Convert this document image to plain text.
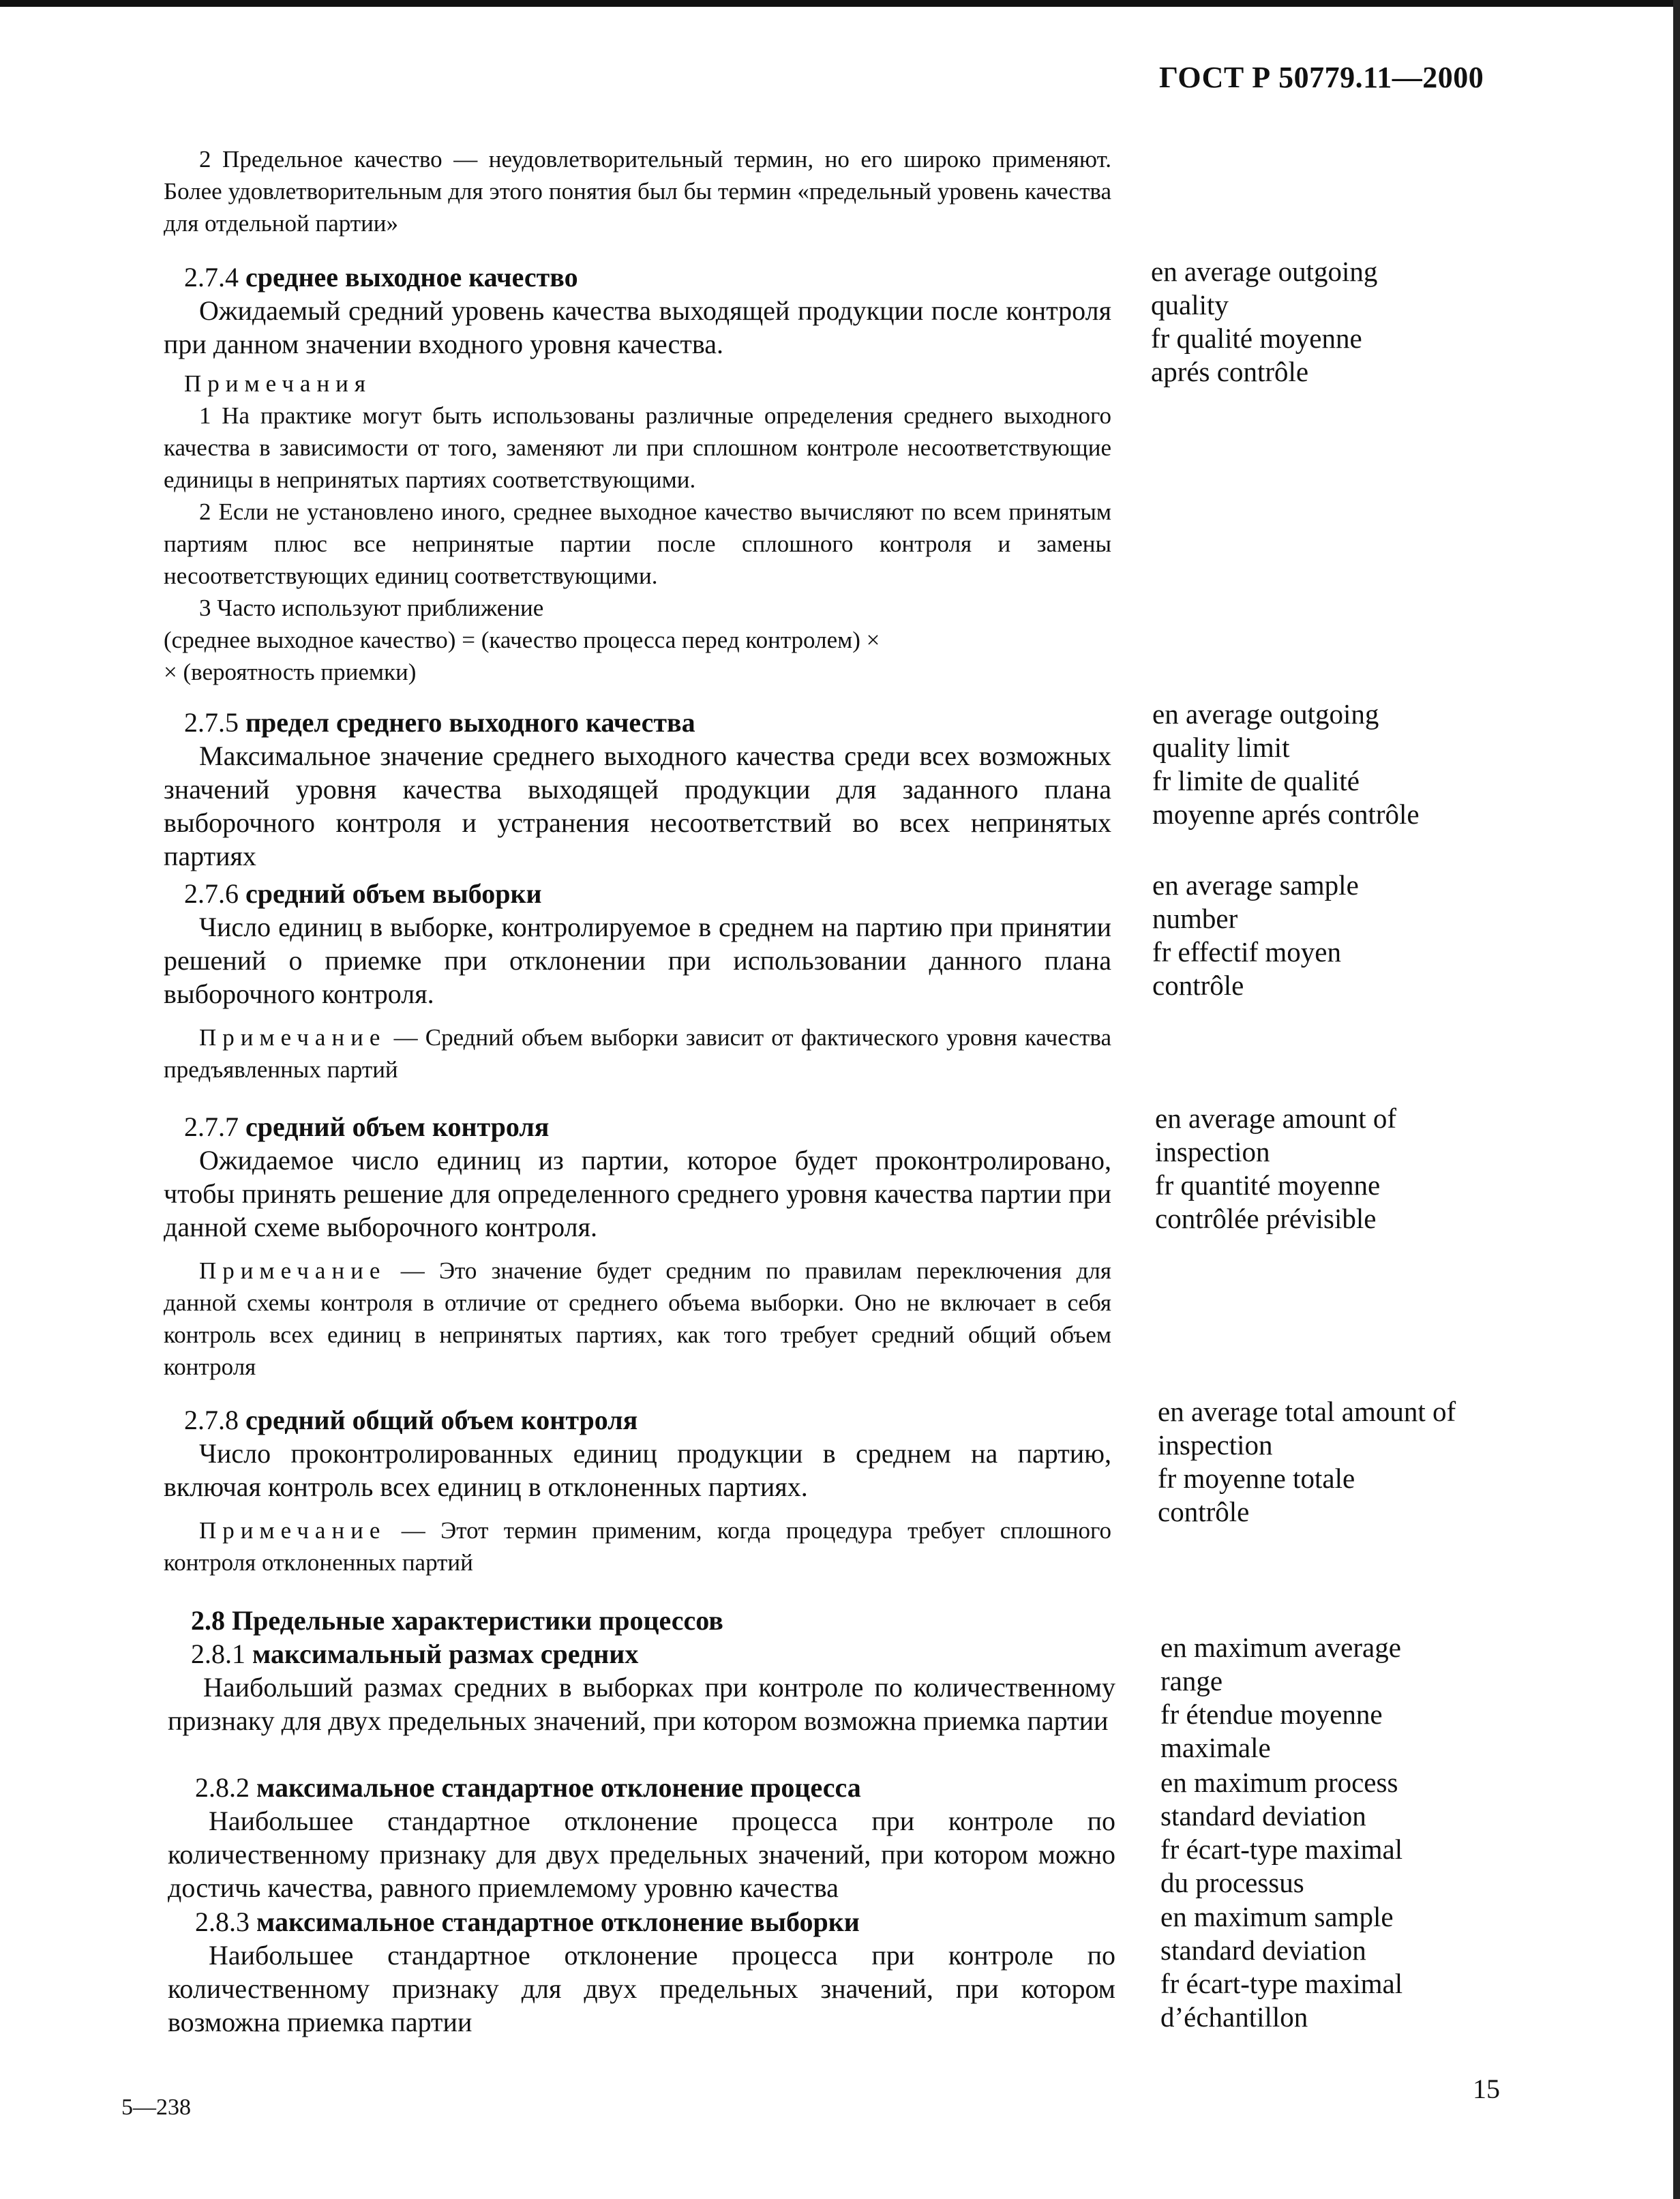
ГОСТ Р 50779.11—2000

2 Предельное качество — неудовлетворительный термин, но его широко применяют. Более удовлетворительным для этого понятия был бы термин «предельный уровень качества для отдельной партии»

2.7.4 среднее выходное качество

Ожидаемый средний уровень качества выходящей продукции после контроля при данном значении входного уровня качества.

Примечания

1 На практике могут быть использованы различные определения среднего выходного качества в зависимости от того, заменяют ли при сплошном контроле несоответствующие единицы в непринятых партиях соответствующими.

2 Если не установлено иного, среднее выходное качество вычисляют по всем принятым партиям плюс все непринятые партии после сплошного контроля и замены несоответствующих единиц соответствующими.

3 Часто используют приближение

(среднее выходное качество) = (качество процесса перед контролем) ×

× (вероятность приемки)

en average outgoing
quality
fr qualité moyenne
aprés contrôle
2.7.5 предел среднего выходного качества

Максимальное значение среднего выходного качества среди всех возможных значений уровня качества выходящей продукции для заданного плана выборочного контроля и устранения несоответствий во всех непринятых партиях

en average outgoing
quality limit
fr limite de qualité
moyenne aprés contrôle
2.7.6 средний объем выборки

Число единиц в выборке, контролируемое в среднем на партию при принятии решений о приемке при отклонении при использовании данного плана выборочного контроля.

Примечание — Средний объем выборки зависит от фактического уровня качества предъявленных партий

en average sample
number
fr effectif moyen
contrôle
2.7.7 средний объем контроля

Ожидаемое число единиц из партии, которое будет проконтролировано, чтобы принять решение для определенного среднего уровня качества партии при данной схеме выборочного контроля.

Примечание — Это значение будет средним по правилам переключения для данной схемы контроля в отличие от среднего объема выборки. Оно не включает в себя контроль всех единиц в непринятых партиях, как того требует средний общий объем контроля

en average amount of
inspection
fr quantité moyenne
contrôlée prévisible
2.7.8 средний общий объем контроля

Число проконтролированных единиц продукции в среднем на партию, включая контроль всех единиц в отклоненных партиях.

Примечание — Этот термин применим, когда процедура требует сплошного контроля отклоненных партий

en average total amount of
inspection
fr moyenne totale
contrôle
2.8 Предельные характеристики процессов
2.8.1 максимальный размах средних

Наибольший размах средних в выборках при контроле по количественному признаку для двух предельных значений, при котором возможна приемка партии

en maximum average
range
fr étendue moyenne
maximale
2.8.2 максимальное стандартное отклонение процесса

Наибольшее стандартное отклонение процесса при контроле по количественному признаку для двух предельных значений, при котором можно достичь качества, равного приемлемому уровню качества

en maximum process
standard deviation
fr écart-type maximal
du processus
2.8.3 максимальное стандартное отклонение выборки

Наибольшее стандартное отклонение процесса при контроле по количественному признаку для двух предельных значений, при котором возможна приемка партии

en maximum sample
standard deviation
fr écart-type maximal
d’échantillon
15
5—238
